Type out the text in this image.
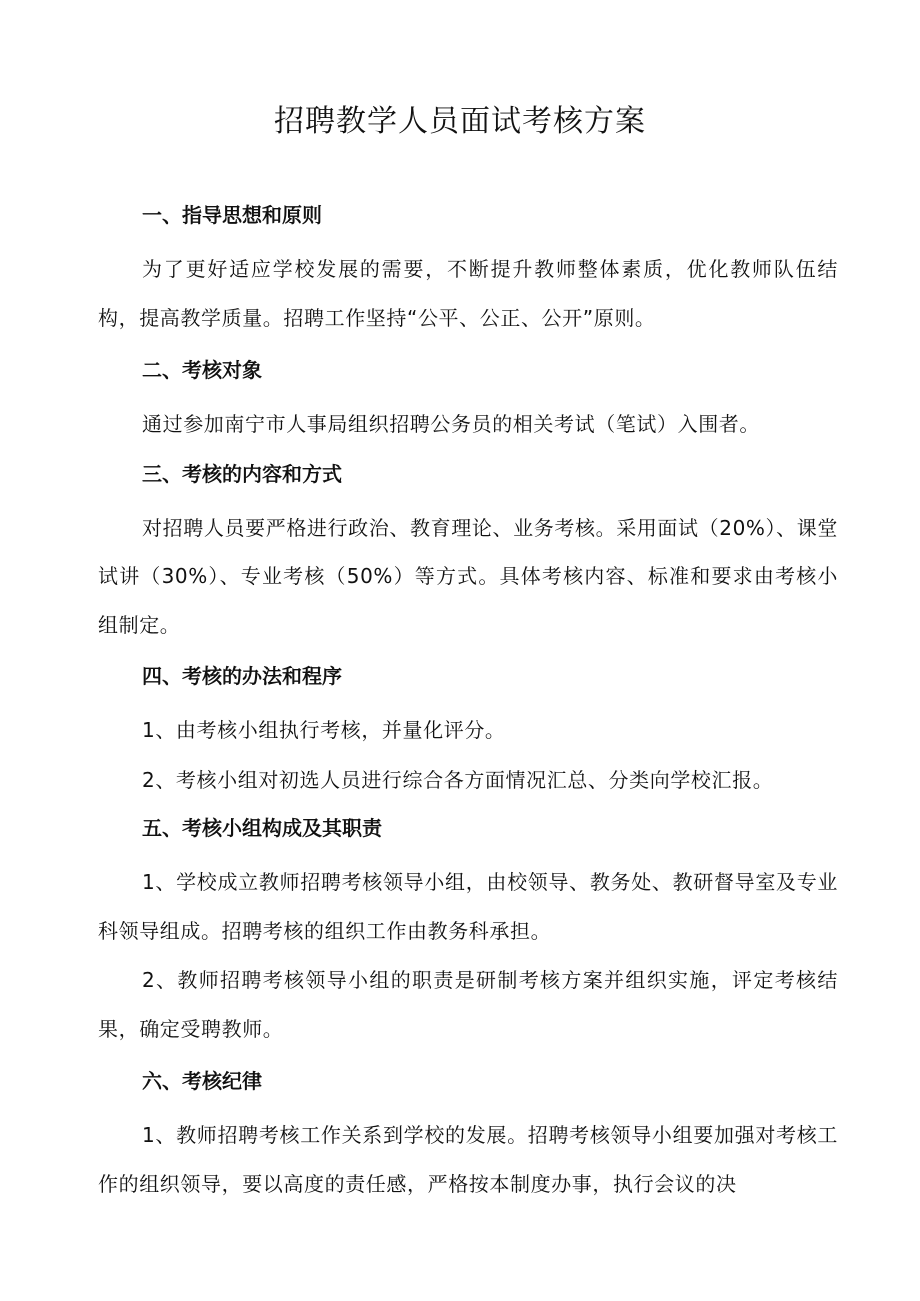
招聘教学人员面试考核方案
一、指导思想和原则
为了更好适应学校发展的需要，不断提升教师整体素质，优化教师队伍结构，提高教学质量。招聘工作坚持“公平、公正、公开”原则。
二、考核对象
通过参加南宁市人事局组织招聘公务员的相关考试（笔试）入围者。
三、考核的内容和方式
对招聘人员要严格进行政治、教育理论、业务考核。采用面试（20%）、课堂试讲（30%）、专业考核（50%）等方式。具体考核内容、标准和要求由考核小组制定。
四、考核的办法和程序
1、由考核小组执行考核，并量化评分。
2、考核小组对初选人员进行综合各方面情况汇总、分类向学校汇报。
五、考核小组构成及其职责
1、学校成立教师招聘考核领导小组，由校领导、教务处、教研督导室及专业科领导组成。招聘考核的组织工作由教务科承担。
2、教师招聘考核领导小组的职责是研制考核方案并组织实施，评定考核结果，确定受聘教师。
六、考核纪律
1、教师招聘考核工作关系到学校的发展。招聘考核领导小组要加强对考核工作的组织领导，要以高度的责任感，严格按本制度办事，执行会议的决
